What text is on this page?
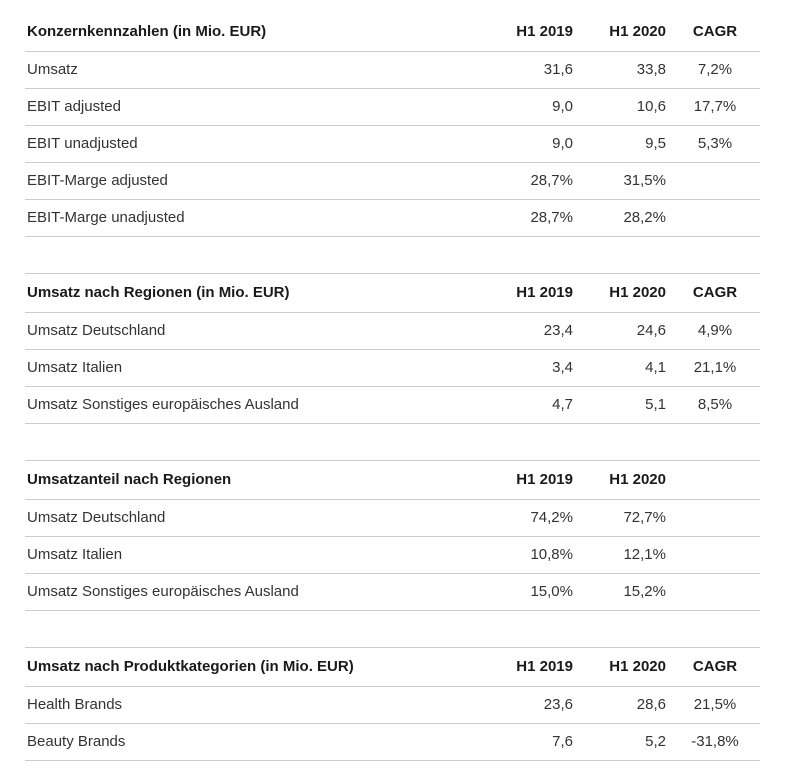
Konzernkennzahlen (in Mio. EUR)	H1 2019	H1 2020	CAGR
Umsatz	31,6	33,8	7,2%
EBIT adjusted	9,0	10,6	17,7%
EBIT unadjusted	9,0	9,5	5,3%
EBIT-Marge adjusted	28,7%	31,5%	
EBIT-Marge unadjusted	28,7%	28,2%	
Umsatz nach Regionen (in Mio. EUR)	H1 2019	H1 2020	CAGR
Umsatz Deutschland	23,4	24,6	4,9%
Umsatz Italien	3,4	4,1	21,1%
Umsatz Sonstiges europäisches Ausland	4,7	5,1	8,5%
Umsatzanteil nach Regionen	H1 2019	H1 2020	
Umsatz Deutschland	74,2%	72,7%	
Umsatz Italien	10,8%	12,1%	
Umsatz Sonstiges europäisches Ausland	15,0%	15,2%	
Umsatz nach Produktkategorien (in Mio. EUR)	H1 2019	H1 2020	CAGR
Health Brands	23,6	28,6	21,5%
Beauty Brands	7,6	5,2	-31,8%
